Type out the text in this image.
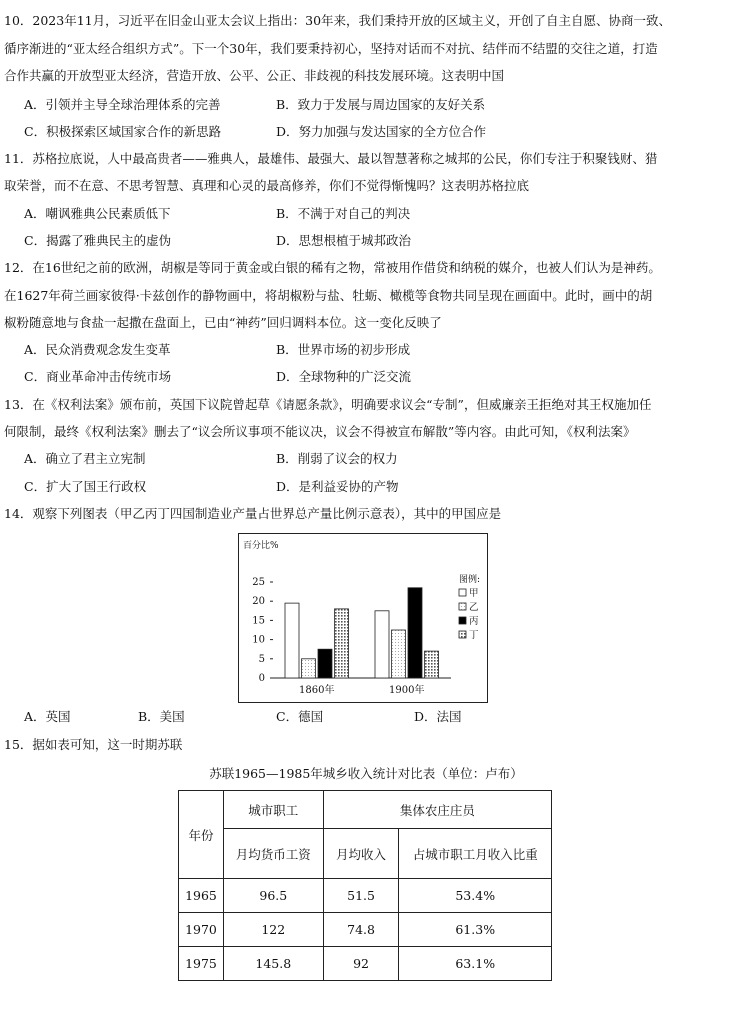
10．2023年11月，习近平在旧金山亚太会议上指出：30年来，我们秉持开放的区域主义，开创了自主自愿、协商一致、
循序渐进的“亚太经合组织方式”。下一个30年，我们要秉持初心，坚持对话而不对抗、结伴而不结盟的交往之道，打造
合作共赢的开放型亚太经济，营造开放、公平、公正、非歧视的科技发展环境。这表明中国
A．引领并主导全球治理体系的完善	B．致力于发展与周边国家的友好关系
C．积极探索区域国家合作的新思路	D．努力加强与发达国家的全方位合作
11．苏格拉底说，人中最高贵者——雅典人，最雄伟、最强大、最以智慧著称之城邦的公民，你们专注于积聚钱财、猎
取荣誉，而不在意、不思考智慧、真理和心灵的最高修养，你们不觉得惭愧吗？这表明苏格拉底
A．嘲讽雅典公民素质低下	B．不满于对自己的判决
C．揭露了雅典民主的虚伪	D．思想根植于城邦政治
12．在16世纪之前的欧洲，胡椒是等同于黄金或白银的稀有之物，常被用作借贷和纳税的媒介，也被人们认为是神药。
在1627年荷兰画家彼得·卡兹创作的静物画中，将胡椒粉与盐、牡蛎、橄榄等食物共同呈现在画面中。此时，画中的胡
椒粉随意地与食盐一起撒在盘面上，已由“神药”回归调料本位。这一变化反映了
A．民众消费观念发生变革	B．世界市场的初步形成
C．商业革命冲击传统市场	D．全球物种的广泛交流
13．在《权利法案》颁布前，英国下议院曾起草《请愿条款》，明确要求议会“专制”，但威廉亲王拒绝对其王权施加任
何限制，最终《权利法案》删去了“议会所议事项不能议决，议会不得被宣布解散”等内容。由此可知，《权利法案》
A．确立了君主立宪制	B．削弱了议会的权力
C．扩大了国王行政权	D．是利益妥协的产物
14．观察下列图表（甲乙丙丁四国制造业产量占世界总产量比例示意表），其中的甲国应是
百分比%
0
5
10
15
20
25
1860年	1900年
图例:
甲
乙
丙
丁
A．英国	B．美国	C．德国	D．法国
15．据如表可知，这一时期苏联
苏联1965—1985年城乡收入统计对比表（单位：卢布）
年份	城市职工	集体农庄庄员	
	月均货币工资	月均收入	占城市职工月收入比重
1965	96.5	51.5	53.4%
1970	122	74.8	61.3%
1975	145.8	92	63.1%
